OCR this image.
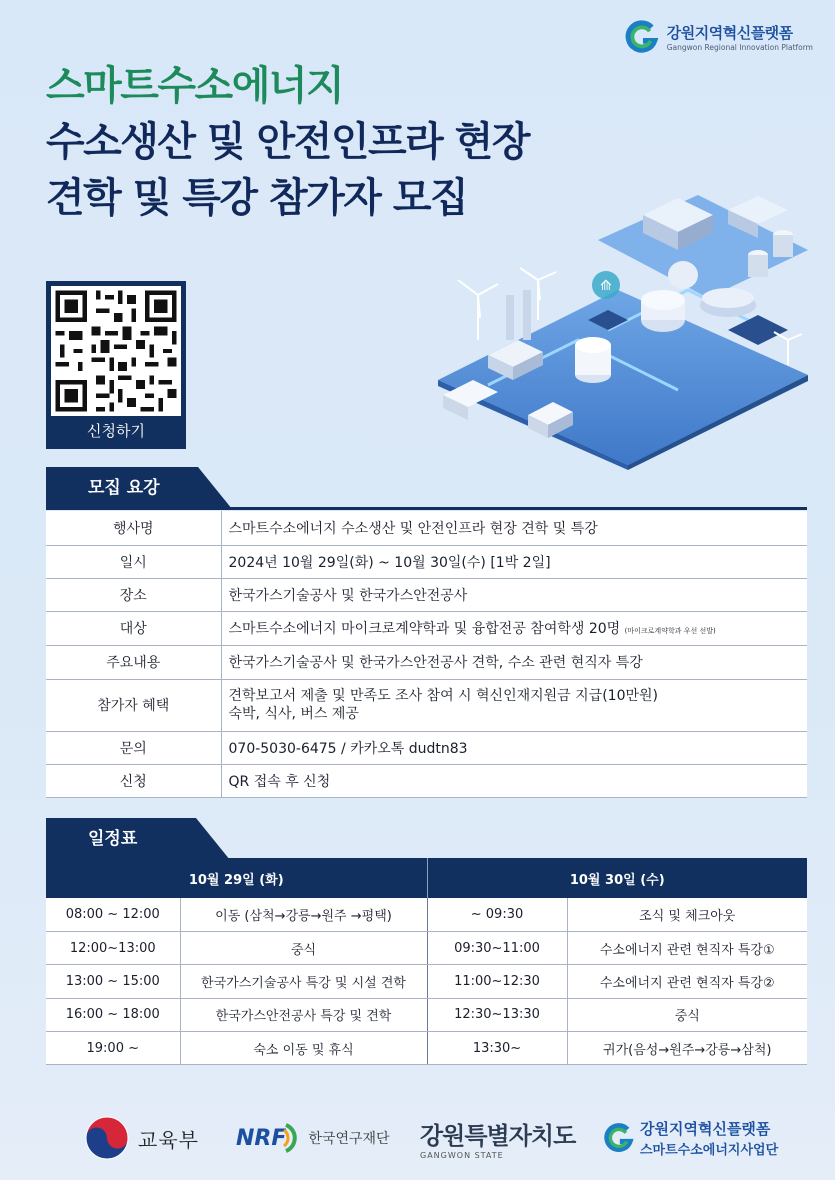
강원지역혁신플랫폼
Gangwon Regional Innovation Platform
스마트수소에너지
수소생산 및 안전인프라 현장
견학 및 특강 참가자 모집
신청하기
⟰
모집 요강
행사명	스마트수소에너지 수소생산 및 안전인프라 현장 견학 및 특강
일시	2024년 10월 29일(화) ~ 10월 30일(수) [1박 2일]
장소	한국가스기술공사 및 한국가스안전공사
대상	스마트수소에너지 마이크로계약학과 및 융합전공 참여학생 20명 (마이크로계약학과 우선 선발)
주요내용	한국가스기술공사 및 한국가스안전공사 견학, 수소 관련 현직자 특강
참가자 혜택	견학보고서 제출 및 만족도 조사 참여 시 혁신인재지원금 지급(10만원)
숙박, 식사, 버스 제공

문의	070-5030-6475 / 카카오톡 dudtn83
신청	QR 접속 후 신청
일정표
10월 29일 (화)		10월 30일 (수)	
08:00 ~ 12:00	이동 (삼척→강릉→원주 →평택)	~ 09:30	조식 및 체크아웃
12:00~13:00	중식	09:30~11:00	수소에너지 관련 현직자 특강①
13:00 ~ 15:00	한국가스기술공사 특강 및 시설 견학	11:00~12:30	수소에너지 관련 현직자 특강②
16:00 ~ 18:00	한국가스안전공사 특강 및 견학	12:30~13:30	중식
19:00 ~	숙소 이동 및 휴식	13:30~	귀가(음성→원주→강릉→삼척)
교육부 NRF 한국연구재단 강원특별자치도
GANGWON STATE
강원지역혁신플랫폼
스마트수소에너지사업단
